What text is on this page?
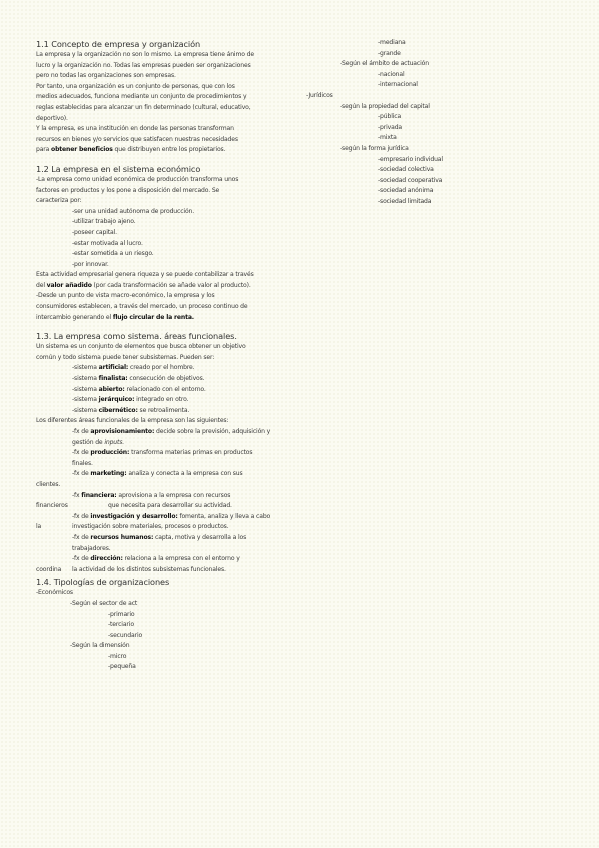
1.1 Concepto de empresa y organización
La empresa y la organización no son lo mismo. La empresa tiene ánimo de
lucro y la organización no. Todas las empresas pueden ser organizaciones
pero no todas las organizaciones son empresas.
Por tanto, una organización es un conjunto de personas, que con los
medios adecuados, funciona mediante un conjunto de procedimientos y
reglas establecidas para alcanzar un fin determinado (cultural, educativo,
deportivo).
Y la empresa, es una institución en donde las personas transforman
recursos en bienes y/o servicios que satisfacen nuestras necesidades
para obtener beneficios que distribuyen entre los propietarios.
1.2 La empresa en el sistema económico
-La empresa como unidad económica de producción transforma unos
factores en productos y los pone a disposición del mercado. Se
caracteriza por:
-ser una unidad autónoma de producción.
-utilizar trabajo ajeno.
-poseer capital.
-estar motivada al lucro.
-estar sometida a un riesgo.
-por innovar.
Esta actividad empresarial genera riqueza y se puede contabilizar a través
del valor añadido (por cada transformación se añade valor al producto).
-Desde un punto de vista macro-económico, la empresa y los
consumidores establecen, a través del mercado, un proceso continuo de
intercambio generando el flujo circular de la renta.
1.3. La empresa como sistema. áreas funcionales.
Un sistema es un conjunto de elementos que busca obtener un objetivo
común y todo sistema puede tener subsistemas. Pueden ser:
-sistema artificial: creado por el hombre.
-sistema finalista: consecución de objetivos.
-sistema abierto: relacionado con el entorno.
-sistema jerárquico: integrado en otro.
-sistema cibernético: se retroalimenta.
Los diferentes áreas funcionales de la empresa son las siguientes:
-fx de aprovisionamiento: decide sobre la previsión, adquisición y
gestión de inputs.
-fx de producción: transforma materias primas en productos
finales.
-fx de marketing: analiza y conecta a la empresa con sus
clientes.
-fx financiera: aprovisiona a la empresa con recursos
financieros	que necesita para desarrollar su actividad.
-fx de investigación y desarrollo: fomenta, analiza y lleva a cabo
la	investigación sobre materiales, procesos o productos.
-fx de recursos humanos: capta, motiva y desarrolla a los
trabajadores.
-fx de dirección: relaciona a la empresa con el entorno y
coordina	la actividad de los distintos subsistemas funcionales.
1.4. Tipologías de organizaciones
-Económicos
-Según el sector de act
-primario
-terciario
-secundario
-Según la dimensión
-micro
-pequeña
-mediana
-grande
-Según el ámbito de actuación
-nacional
-internacional
-Jurídicos
-según la propiedad del capital
-pública
-privada
-mixta
-según la forma jurídica
-empresario individual
-sociedad colectiva
-sociedad cooperativa
-sociedad anónima
-sociedad limitada
